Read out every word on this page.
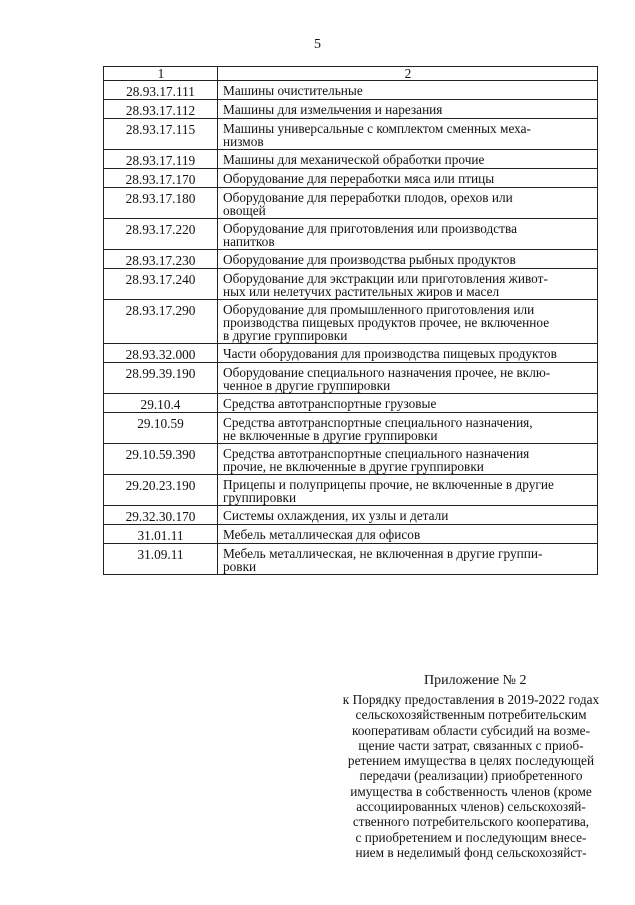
5
1	2
28.93.17.111	Машины очистительные
28.93.17.112	Машины для измельчения и нарезания
28.93.17.115	Машины универсальные с комплектом сменных меха-
низмов
28.93.17.119	Машины для механической обработки прочие
28.93.17.170	Оборудование для переработки мяса или птицы
28.93.17.180	Оборудование для переработки плодов, орехов или
овощей
28.93.17.220	Оборудование для приготовления или производства
напитков
28.93.17.230	Оборудование для производства рыбных продуктов
28.93.17.240	Оборудование для экстракции или приготовления живот-
ных или нелетучих растительных жиров и масел
28.93.17.290	Оборудование для промышленного приготовления или
производства пищевых продуктов прочее, не включенное
в другие группировки
28.93.32.000	Части оборудования для производства пищевых продуктов
28.99.39.190	Оборудование специального назначения прочее, не вклю-
ченное в другие группировки
29.10.4	Средства автотранспортные грузовые
29.10.59	Средства автотранспортные специального назначения,
не включенные в другие группировки
29.10.59.390	Средства автотранспортные специального назначения
прочие, не включенные в другие группировки
29.20.23.190	Прицепы и полуприцепы прочие, не включенные в другие
группировки
29.32.30.170	Системы охлаждения, их узлы и детали
31.01.11	Мебель металлическая для офисов
31.09.11	Мебель металлическая, не включенная в другие группи-
ровки
Приложение № 2
к Порядку предоставления в 2019-2022 годах
сельскохозяйственным потребительским
кооперативам области субсидий на возме-
щение части затрат, связанных с приоб-
ретением имущества в целях последующей
передачи (реализации) приобретенного
имущества в собственность членов (кроме
ассоциированных членов) сельскохозяй-
ственного потребительского кооператива,
с приобретением и последующим внесе-
нием в неделимый фонд сельскохозяйст-
